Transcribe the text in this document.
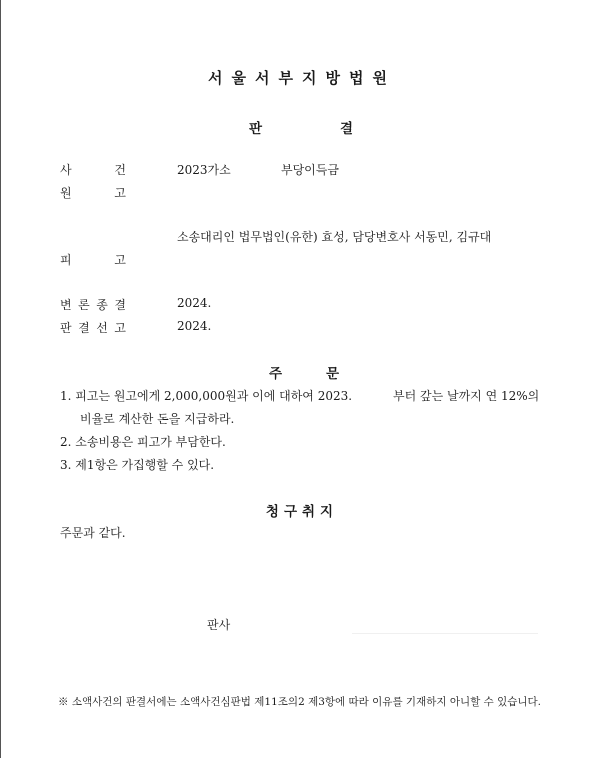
서울서부지방법원
판	결
사	건	2023가소	부당이득금
원	고
소송대리인 법무법인(유한) 효성, 담당변호사 서동민, 김규대
피	고
변 론 종 결	2024.
판 결 선 고	2024.
주	문
1. 피고는 원고에게 2,000,000원과 이에 대하여 2023.	부터 갚는 날까지 연 12%의
비율로 계산한 돈을 지급하라.
2. 소송비용은 피고가 부담한다.
3. 제1항은 가집행할 수 있다.
청구취지
주문과 같다.
판사
※ 소액사건의 판결서에는 소액사건심판법 제11조의2 제3항에 따라 이유를 기재하지 아니할 수 있습니다.
